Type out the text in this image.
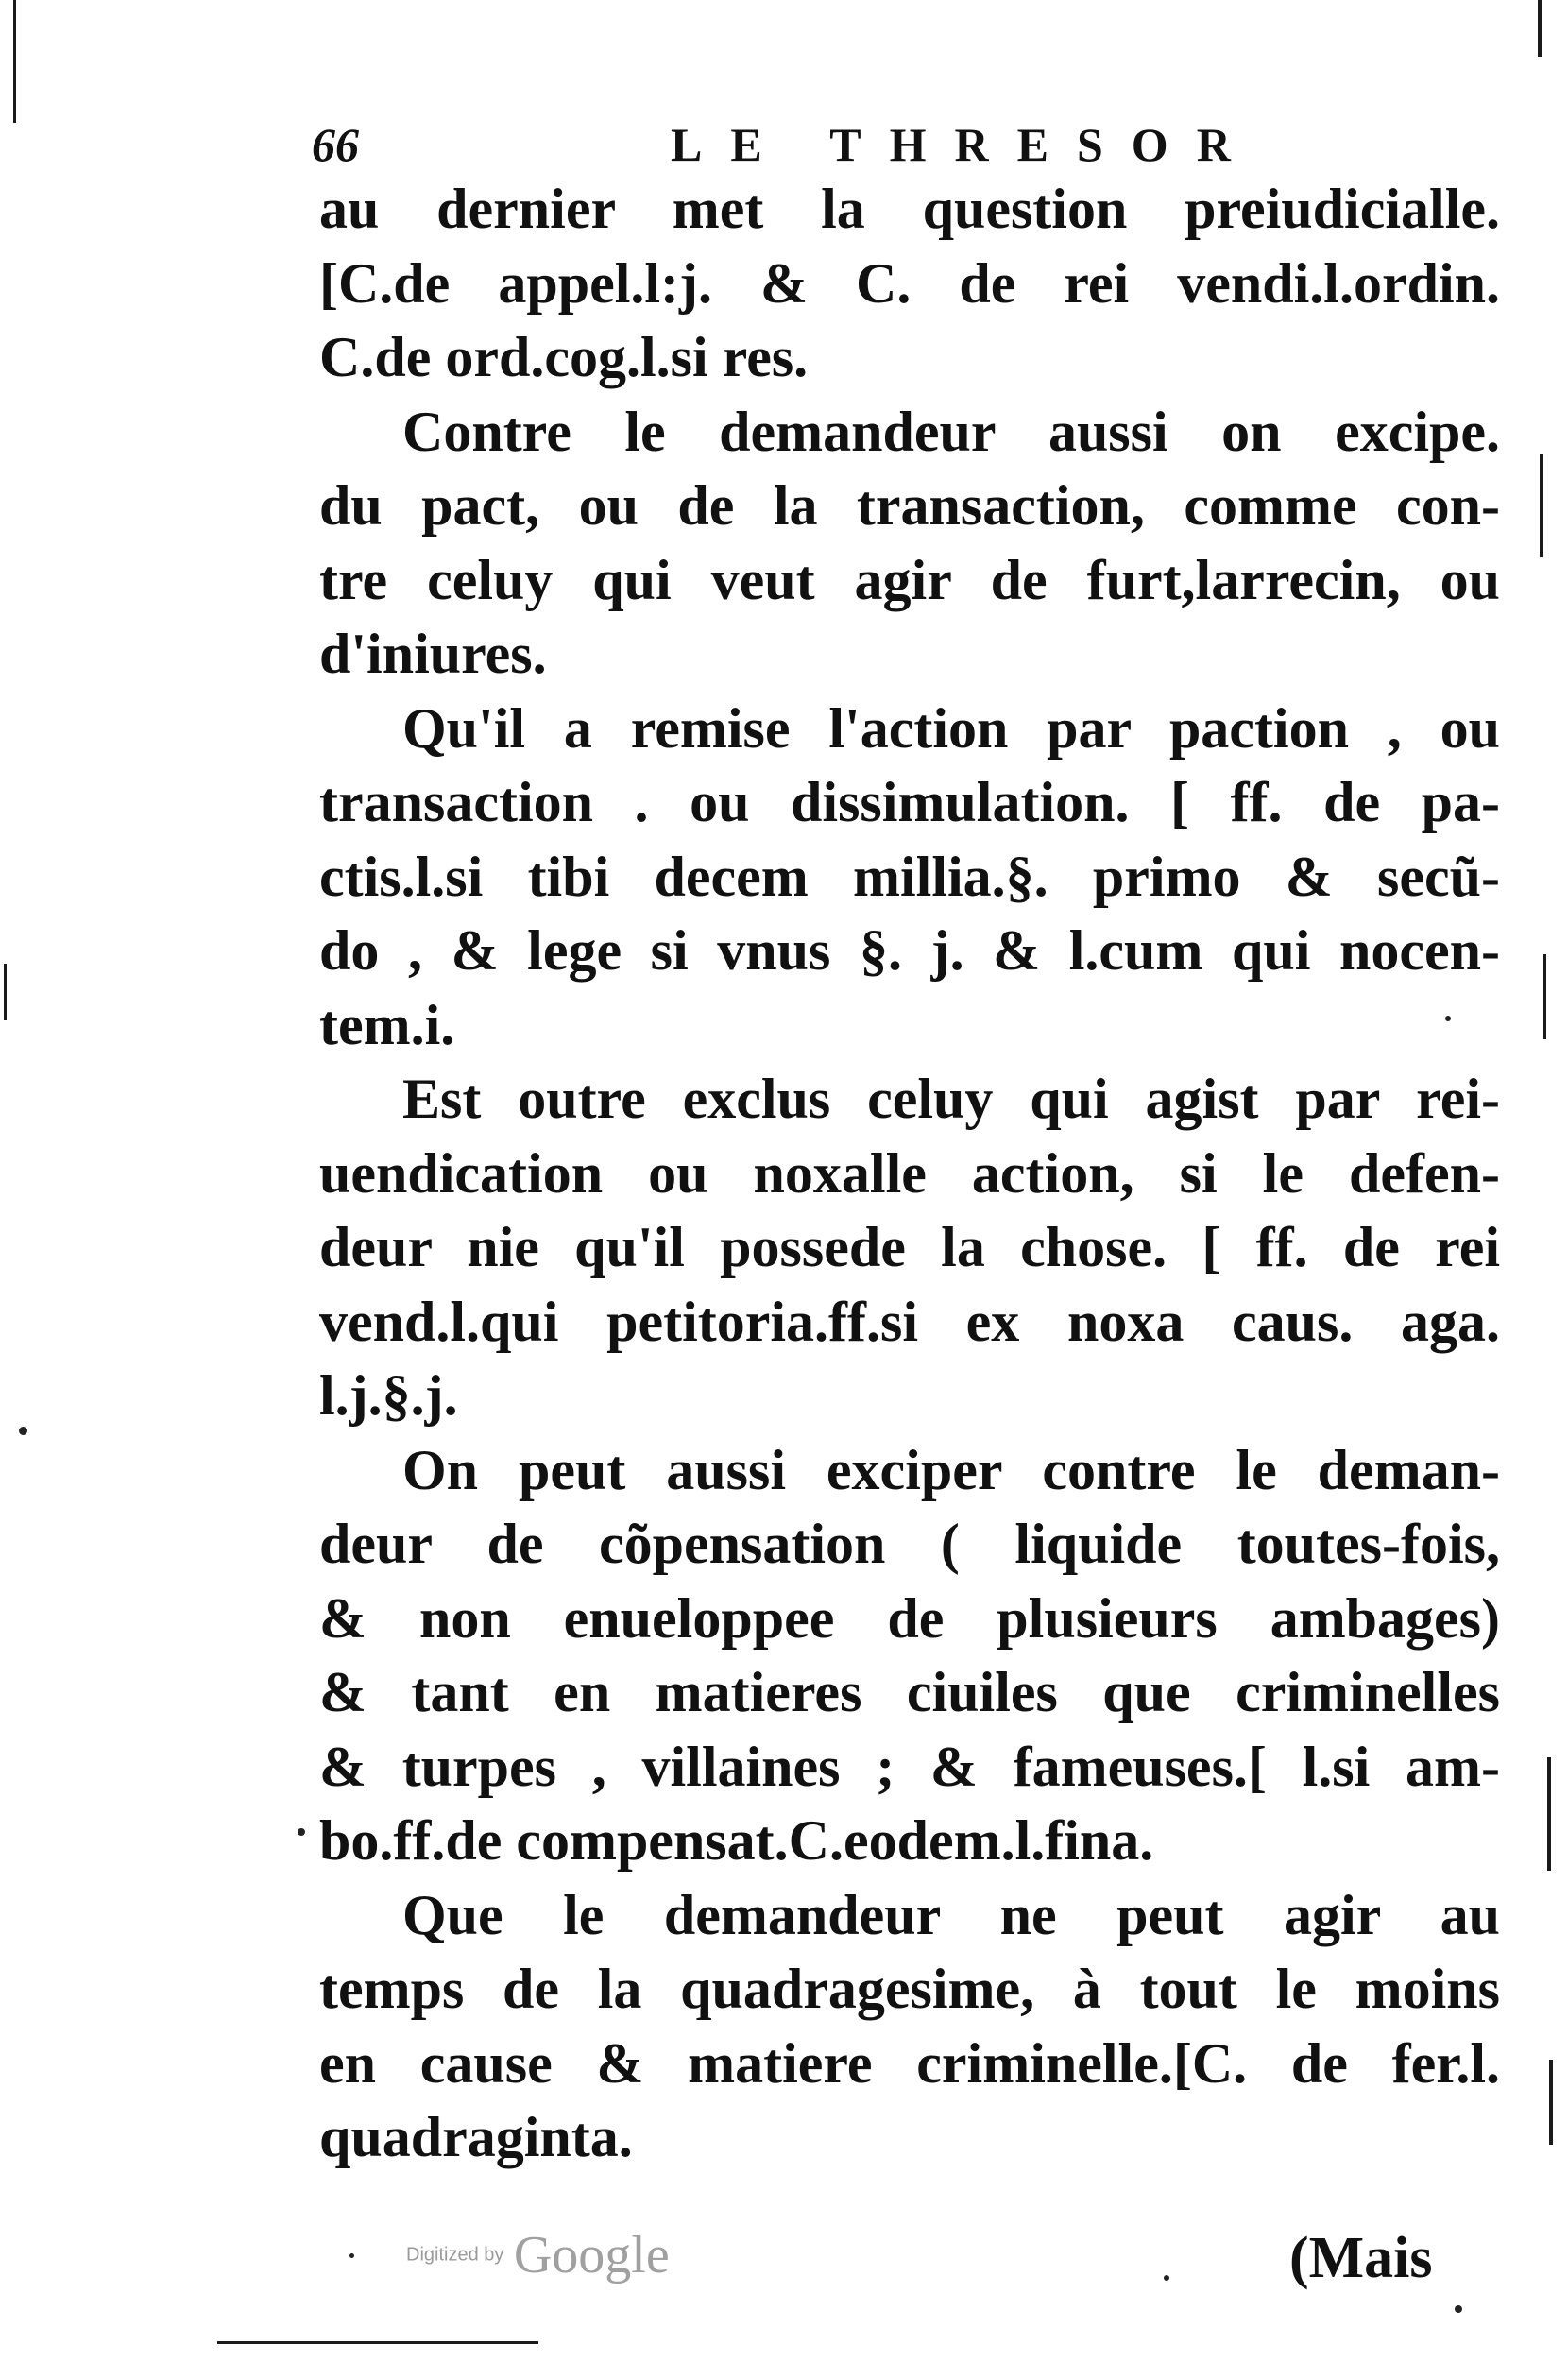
66	LE THRESOR
au dernier met la question preiudicialle.
[C.de appel.l:j. & C. de rei vendi.l.ordin.
C.de ord.cog.l.si res.
Contre le demandeur aussi on excipe.
du pact, ou de la transaction, comme con-
tre celuy qui veut agir de furt,larrecin, ou
d'iniures.
Qu'il a remise l'action par paction , ou
transaction . ou dissimulation. [ ff. de pa-
ctis.l.si tibi decem millia.§. primo & secũ-
do , & lege si vnus §. j. & l.cum qui nocen-
tem.i.
Est outre exclus celuy qui agist par rei-
uendication ou noxalle action, si le defen-
deur nie qu'il possede la chose. [ ff. de rei
vend.l.qui petitoria.ff.si ex noxa caus. aga.
l.j.§.j.
On peut aussi exciper contre le deman-
deur de cõpensation ( liquide toutes-fois,
& non enueloppee de plusieurs ambages)
& tant en matieres ciuiles que criminelles
& turpes , villaines ; & fameuses.[ l.si am-
bo.ff.de compensat.C.eodem.l.fina.
Que le demandeur ne peut agir au
temps de la quadragesime, à tout le moins
en cause & matiere criminelle.[C. de fer.l.
quadraginta.
Digitized by Google	(Mais
